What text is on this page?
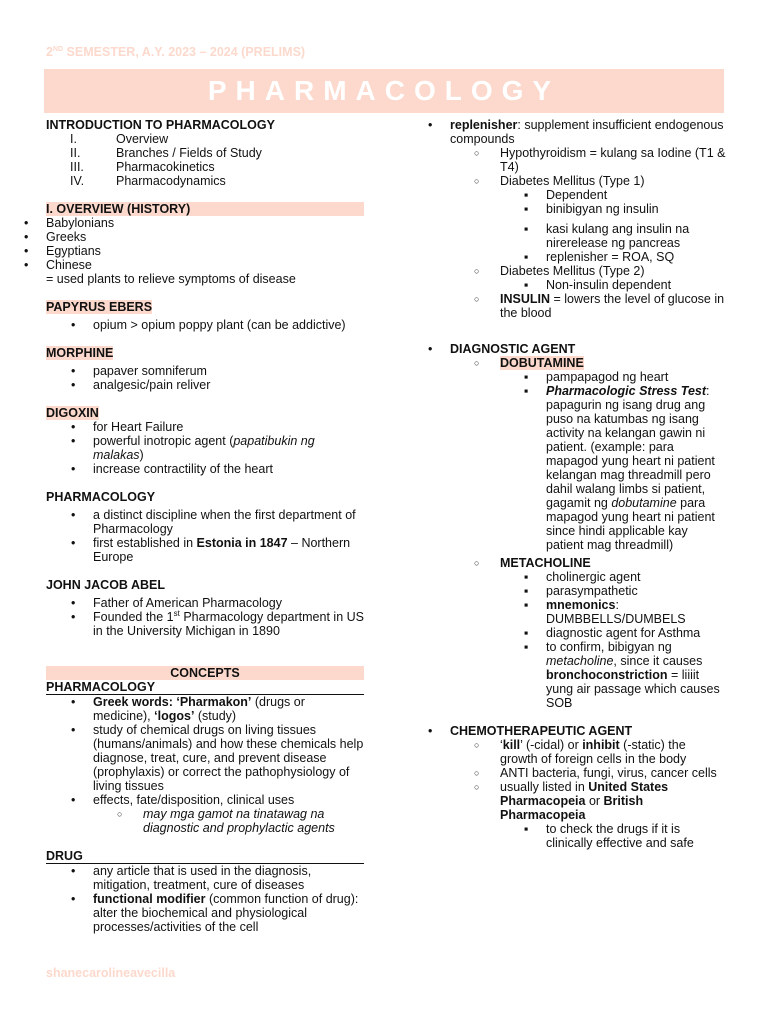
2ND SEMESTER, A.Y. 2023 – 2024 (PRELIMS)
PHARMACOLOGY
INTRODUCTION TO PHARMACOLOGY
I.	Overview
II.	Branches / Fields of Study
III.	Pharmacokinetics
IV.	Pharmacodynamics
I. OVERVIEW (HISTORY)
• Babylonians
• Greeks
• Egyptians
• Chinese
= used plants to relieve symptoms of disease
PAPYRUS EBERS
• opium > opium poppy plant (can be addictive)
MORPHINE
• papaver somniferum
• analgesic/pain reliver
DIGOXIN
• for Heart Failure
• powerful inotropic agent (papatibukin ng malakas)
• increase contractility of the heart
PHARMACOLOGY
• a distinct discipline when the first department of Pharmacology
• first established in Estonia in 1847 – Northern Europe
JOHN JACOB ABEL
• Father of American Pharmacology
• Founded the 1st Pharmacology department in US in the University Michigan in 1890
CONCEPTS
PHARMACOLOGY
• Greek words: ‘Pharmakon’ (drugs or medicine), ‘logos’ (study)
• study of chemical drugs on living tissues (humans/animals) and how these chemicals help diagnose, treat, cure, and prevent disease (prophylaxis) or correct the pathophysiology of living tissues
• effects, fate/disposition, clinical uses
○ may mga gamot na tinatawag na diagnostic and prophylactic agents
DRUG
• any article that is used in the diagnosis, mitigation, treatment, cure of diseases
• functional modifier (common function of drug): alter the biochemical and physiological processes/activities of the cell
• replenisher: supplement insufficient endogenous compounds
○ Hypothyroidism = kulang sa Iodine (T1 & T4)
○ Diabetes Mellitus (Type 1)
▪ Dependent
▪ binibigyan ng insulin
▪ kasi kulang ang insulin na nirerelease ng pancreas
▪ replenisher = ROA, SQ
○ Diabetes Mellitus (Type 2)
▪ Non-insulin dependent
○ INSULIN = lowers the level of glucose in the blood
• DIAGNOSTIC AGENT
○ DOBUTAMINE
▪ pampapagod ng heart
▪ Pharmacologic Stress Test: papagurin ng isang drug ang puso na katumbas ng isang activity na kelangan gawin ni patient. (example: para mapagod yung heart ni patient kelangan mag threadmill pero dahil walang limbs si patient, gagamit ng dobutamine para mapagod yung heart ni patient since hindi applicable kay patient mag threadmill)
○ METACHOLINE
▪ cholinergic agent
▪ parasympathetic
▪ mnemonics: DUMBBELLS/DUMBELS
▪ diagnostic agent for Asthma
▪ to confirm, bibigyan ng metacholine, since it causes bronchoconstriction = liiiit yung air passage which causes SOB
• CHEMOTHERAPEUTIC AGENT
○ ‘kill’ (-cidal) or inhibit (-static) the growth of foreign cells in the body
○ ANTI bacteria, fungi, virus, cancer cells
○ usually listed in United States Pharmacopeia or British Pharmacopeia
▪ to check the drugs if it is clinically effective and safe
shanecarolineavecilla
